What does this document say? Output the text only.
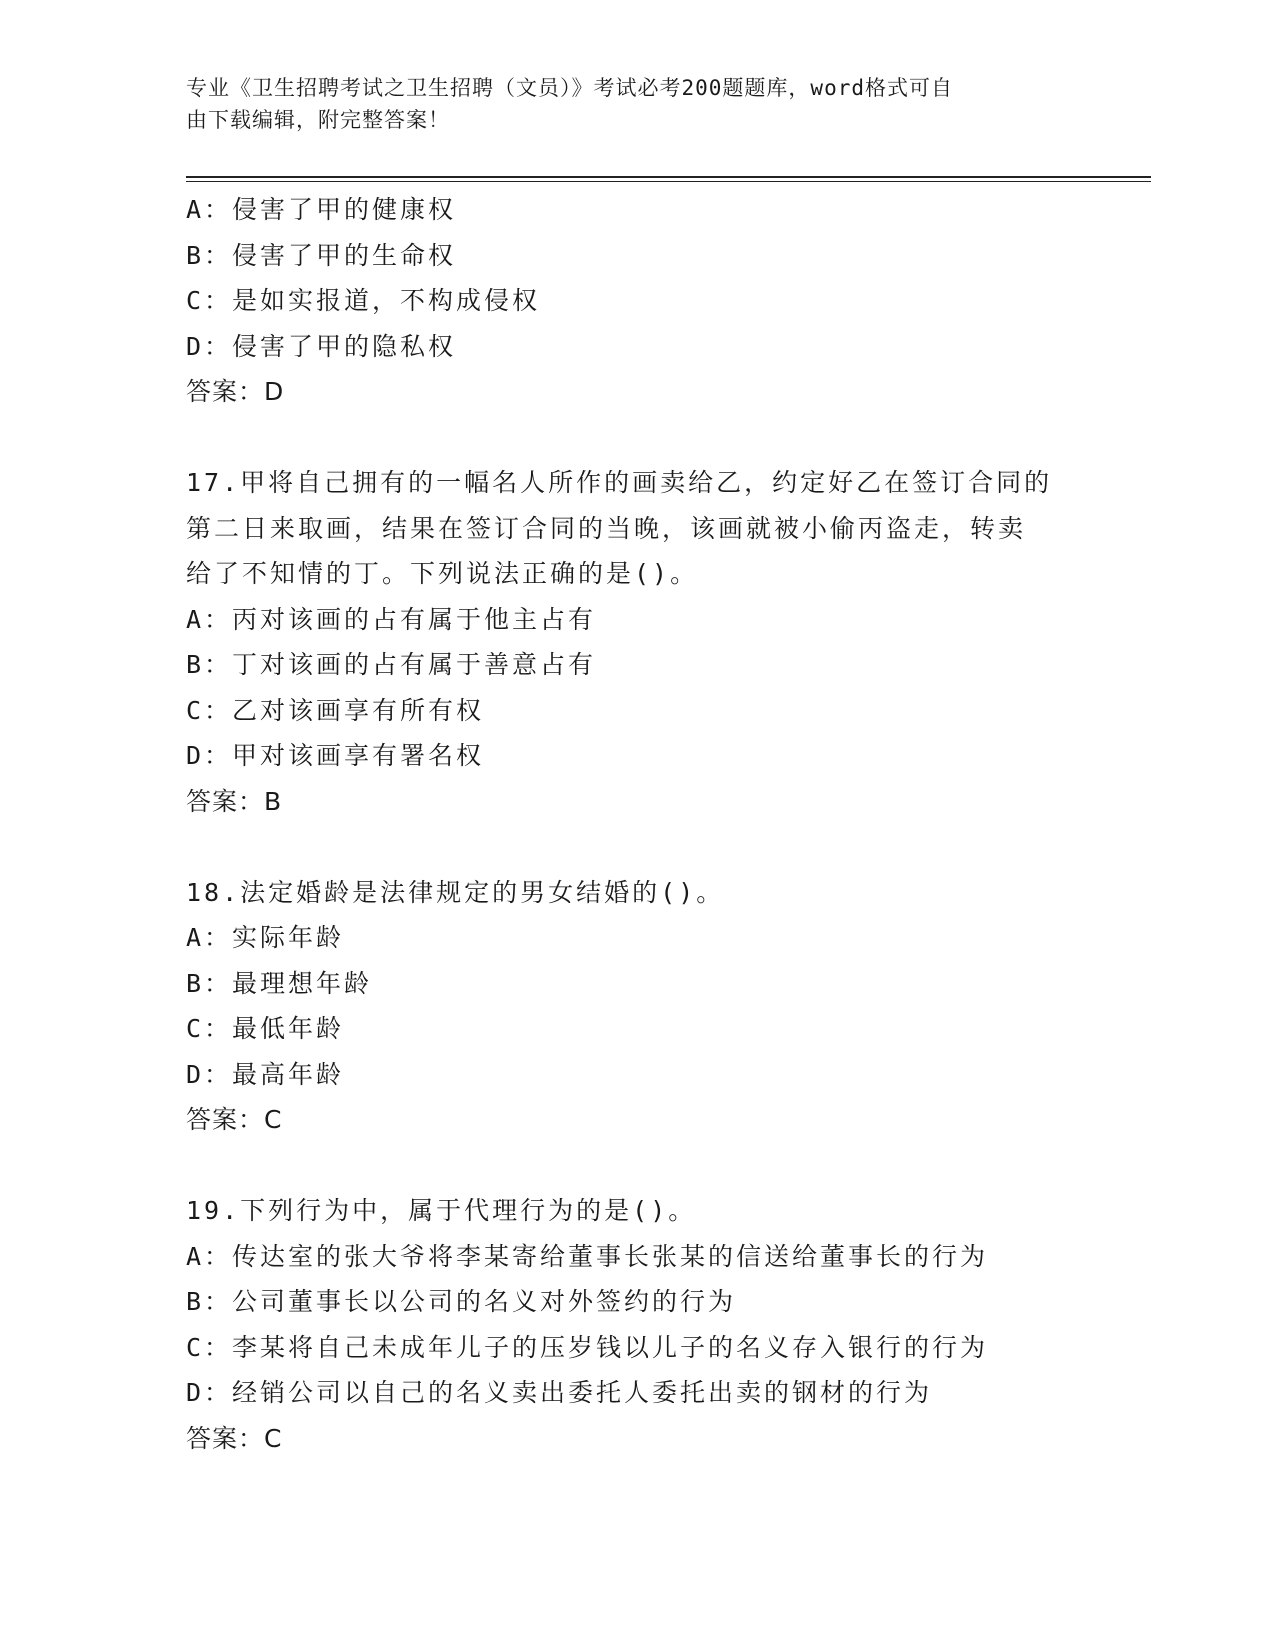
专业《卫生招聘考试之卫生招聘（文员）》考试必考200题题库，word格式可自
由下载编辑，附完整答案！
A：侵害了甲的健康权
B：侵害了甲的生命权
C：是如实报道，不构成侵权
D：侵害了甲的隐私权
答案：D
17.甲将自己拥有的一幅名人所作的画卖给乙，约定好乙在签订合同的
第二日来取画，结果在签订合同的当晚，该画就被小偷丙盗走，转卖
给了不知情的丁。下列说法正确的是()。
A：丙对该画的占有属于他主占有
B：丁对该画的占有属于善意占有
C：乙对该画享有所有权
D：甲对该画享有署名权
答案：B
18.法定婚龄是法律规定的男女结婚的()。
A：实际年龄
B：最理想年龄
C：最低年龄
D：最高年龄
答案：C
19.下列行为中，属于代理行为的是()。
A：传达室的张大爷将李某寄给董事长张某的信送给董事长的行为
B：公司董事长以公司的名义对外签约的行为
C：李某将自己未成年儿子的压岁钱以儿子的名义存入银行的行为
D：经销公司以自己的名义卖出委托人委托出卖的钢材的行为
答案：C
